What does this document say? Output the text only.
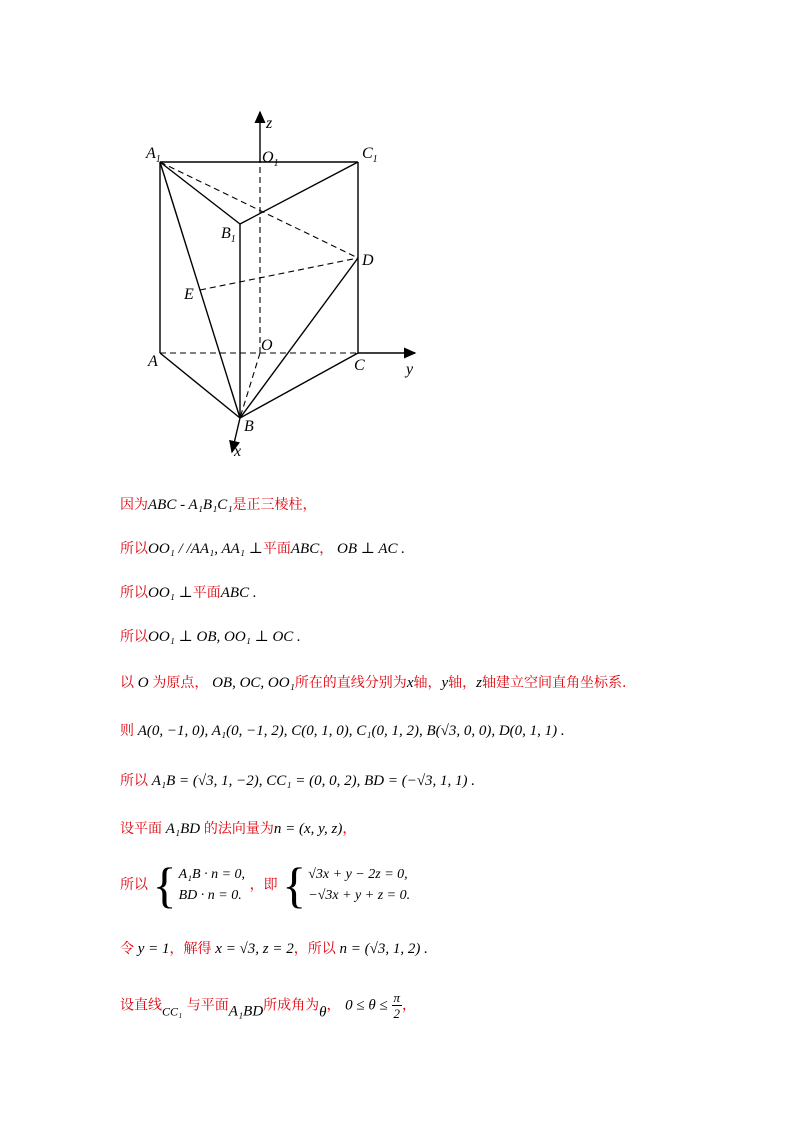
$A_1$	$O_1$
$C_1$
$B_1$
D
E
O
A	C
B
x
y
z
因为ABC - A₁B₁C₁是正三棱柱，
所以OO₁ / /AA₁, AA₁ ⊥平面ABC， OB ⊥ AC .
所以OO₁ ⊥平面ABC .
所以OO₁ ⊥ OB, OO₁ ⊥ OC .
以 O 为原点， OB, OC, OO₁所在的直线分别为x轴，y轴，z轴建立空间直角坐标系.
则 A(0, −1, 0), A₁(0, −1, 2), C(0, 1, 0), C₁(0, 1, 2), B(√3, 0, 0), D(0, 1, 1) .
所以 A₁B = (√3, 1, −2), CC₁ = (0, 0, 2), BD = (−√3, 1, 1) .
设平面 A₁BD 的法向量为n = (x, y, z)，
所以 { A₁B · n = 0,
BD · n = 0.
，即 { √3x + y − 2z = 0,
−√3x + y + z = 0.
令 y = 1，解得 x = √3, z = 2，所以 n = (√3, 1, 2) .
设直线$_{CC_1}$ 与平面A₁BD所成角为θ， $0 \le \theta \le \frac{\pi}{2}$ ，
